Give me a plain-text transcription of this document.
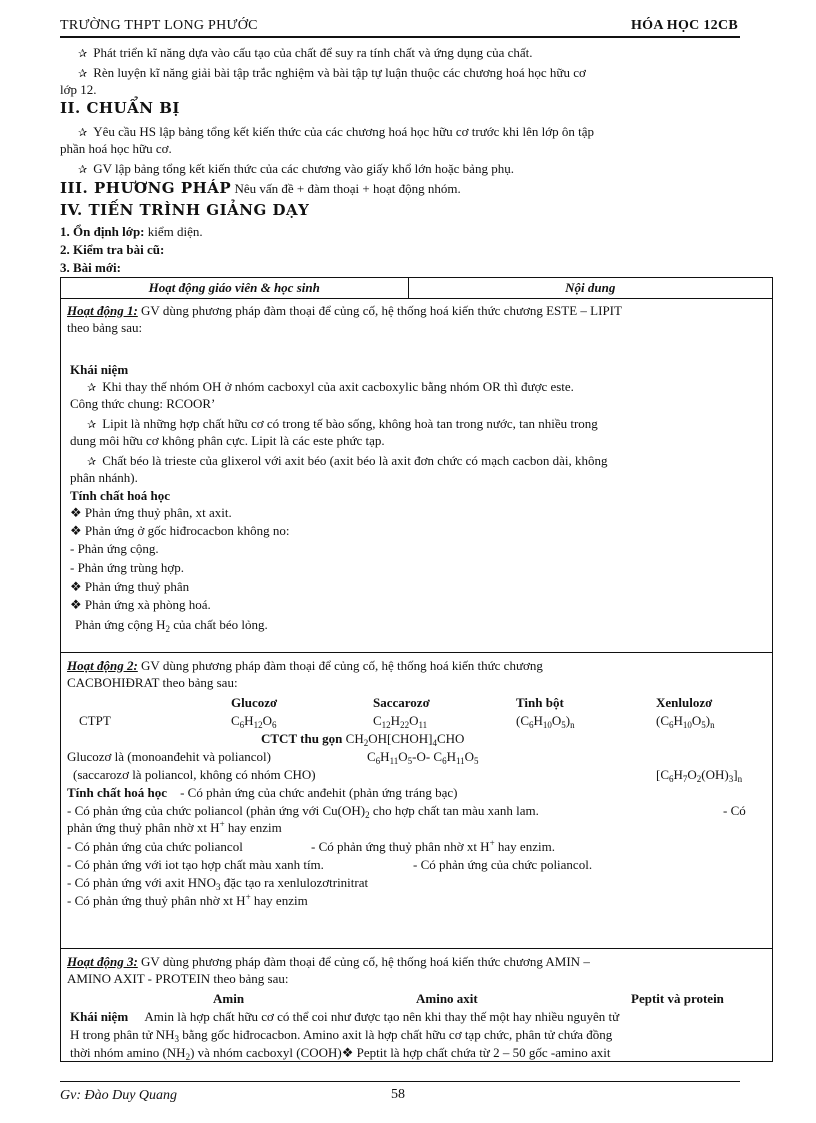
TRƯỜNG THPT LONG PHƯỚC	HÓA HỌC 12CB
✰ Phát triển kĩ năng dựa vào cấu tạo của chất để suy ra tính chất và ứng dụng của chất.
✰ Rèn luyện kĩ năng giải bài tập trắc nghiệm và bài tập tự luận thuộc các chương hoá học hữu cơ
lớp 12.
II. CHUẨN BỊ
✰ Yêu cầu HS lập bảng tổng kết kiến thức của các chương hoá học hữu cơ trước khi lên lớp ôn tập
phần hoá học hữu cơ.
✰ GV lập bảng tổng kết kiến thức của các chương vào giấy khổ lớn hoặc bảng phụ.
III. PHƯƠNG PHÁP Nêu vấn đề + đàm thoại + hoạt động nhóm.
IV. TIẾN TRÌNH GIẢNG DẠY
1. Ổn định lớp: kiểm diện.
2. Kiểm tra bài cũ:
3. Bài mới:
Hoạt động giáo viên & học sinh	Nội dung

Hoạt động 1: GV dùng phương pháp đàm thoại để củng cố, hệ thống hoá kiến thức chương ESTE – LIPIT
theo bảng sau:
Khái niệm
✰ Khi thay thế nhóm OH ở nhóm cacboxyl của axit cacboxylic bằng nhóm OR thì được este.
Công thức chung: RCOOR’
✰ Lipit là những hợp chất hữu cơ có trong tế bào sống, không hoà tan trong nước, tan nhiều trong
dung môi hữu cơ không phân cực. Lipit là các este phức tạp.
✰ Chất béo là trieste của glixerol với axit béo (axit béo là axit đơn chức có mạch cacbon dài, không
phân nhánh).
Tính chất hoá học
❖ Phản ứng thuỷ phân, xt axit.
❖ Phản ứng ở gốc hiđrocacbon không no:
- Phản ứng cộng.
- Phản ứng trùng hợp.
❖ Phản ứng thuỷ phân
❖ Phản ứng xà phòng hoá.
Phản ứng cộng $H_2$ của chất béo lỏng.

Hoạt động 2: GV dùng phương pháp đàm thoại để củng cố, hệ thống hoá kiến thức chương
CACBOHIĐRAT theo bảng sau:
Glucozơ	Saccarozơ	Tinh bột	Xenlulozơ
CTPT	$C_6H_{12}O_6$	$C_{12}H_{22}O_{11}$	$(C_6H_{10}O_5)_n$	$(C_6H_{10}O_5)_n$
CTCT thu gọn $CH_2OH[CHOH]_4CHO$
Glucozơ là (monoanđehit và poliancol)	$C_6H_{11}O_5-O-$ $C_6H_{11}O_5$
(saccarozơ là poliancol, không có nhóm CHO)	$[C_6H_7O_2(OH)_3]_n$
Tính chất hoá học - Có phản ứng của chức anđehit (phản ứng tráng bạc)
- Có phản ứng của chức poliancol (phản ứng với $Cu(OH)_2$ cho hợp chất tan màu xanh lam.	- Có
phản ứng thuỷ phân nhờ xt H+ hay enzim
- Có phản ứng của chức poliancol	- Có phản ứng thuỷ phân nhờ xt H+ hay enzim.
- Có phản ứng với iot tạo hợp chất màu xanh tím.	- Có phản ứng của chức poliancol.
- Có phản ứng với axit $HNO_3$ đặc tạo ra xenlulozơtrinitrat
- Có phản ứng thuỷ phân nhờ xt H+ hay enzim

Hoạt động 3: GV dùng phương pháp đàm thoại để củng cố, hệ thống hoá kiến thức chương AMIN –
AMINO AXIT - PROTEIN theo bảng sau:
Amin	Amino axit	Peptit và protein
Khái niệm Amin là hợp chất hữu cơ có thể coi như được tạo nên khi thay thế một hay nhiều nguyên tử
H trong phân tử $NH_3$ bằng gốc hiđrocacbon. Amino axit là hợp chất hữu cơ tạp chức, phân tử chứa đồng
thời nhóm amino $(NH_2)$ và nhóm cacboxyl (COOH)❖ Peptit là hợp chất chứa từ 2 – 50 gốc -amino axit
Gv: Đào Duy Quang	58
